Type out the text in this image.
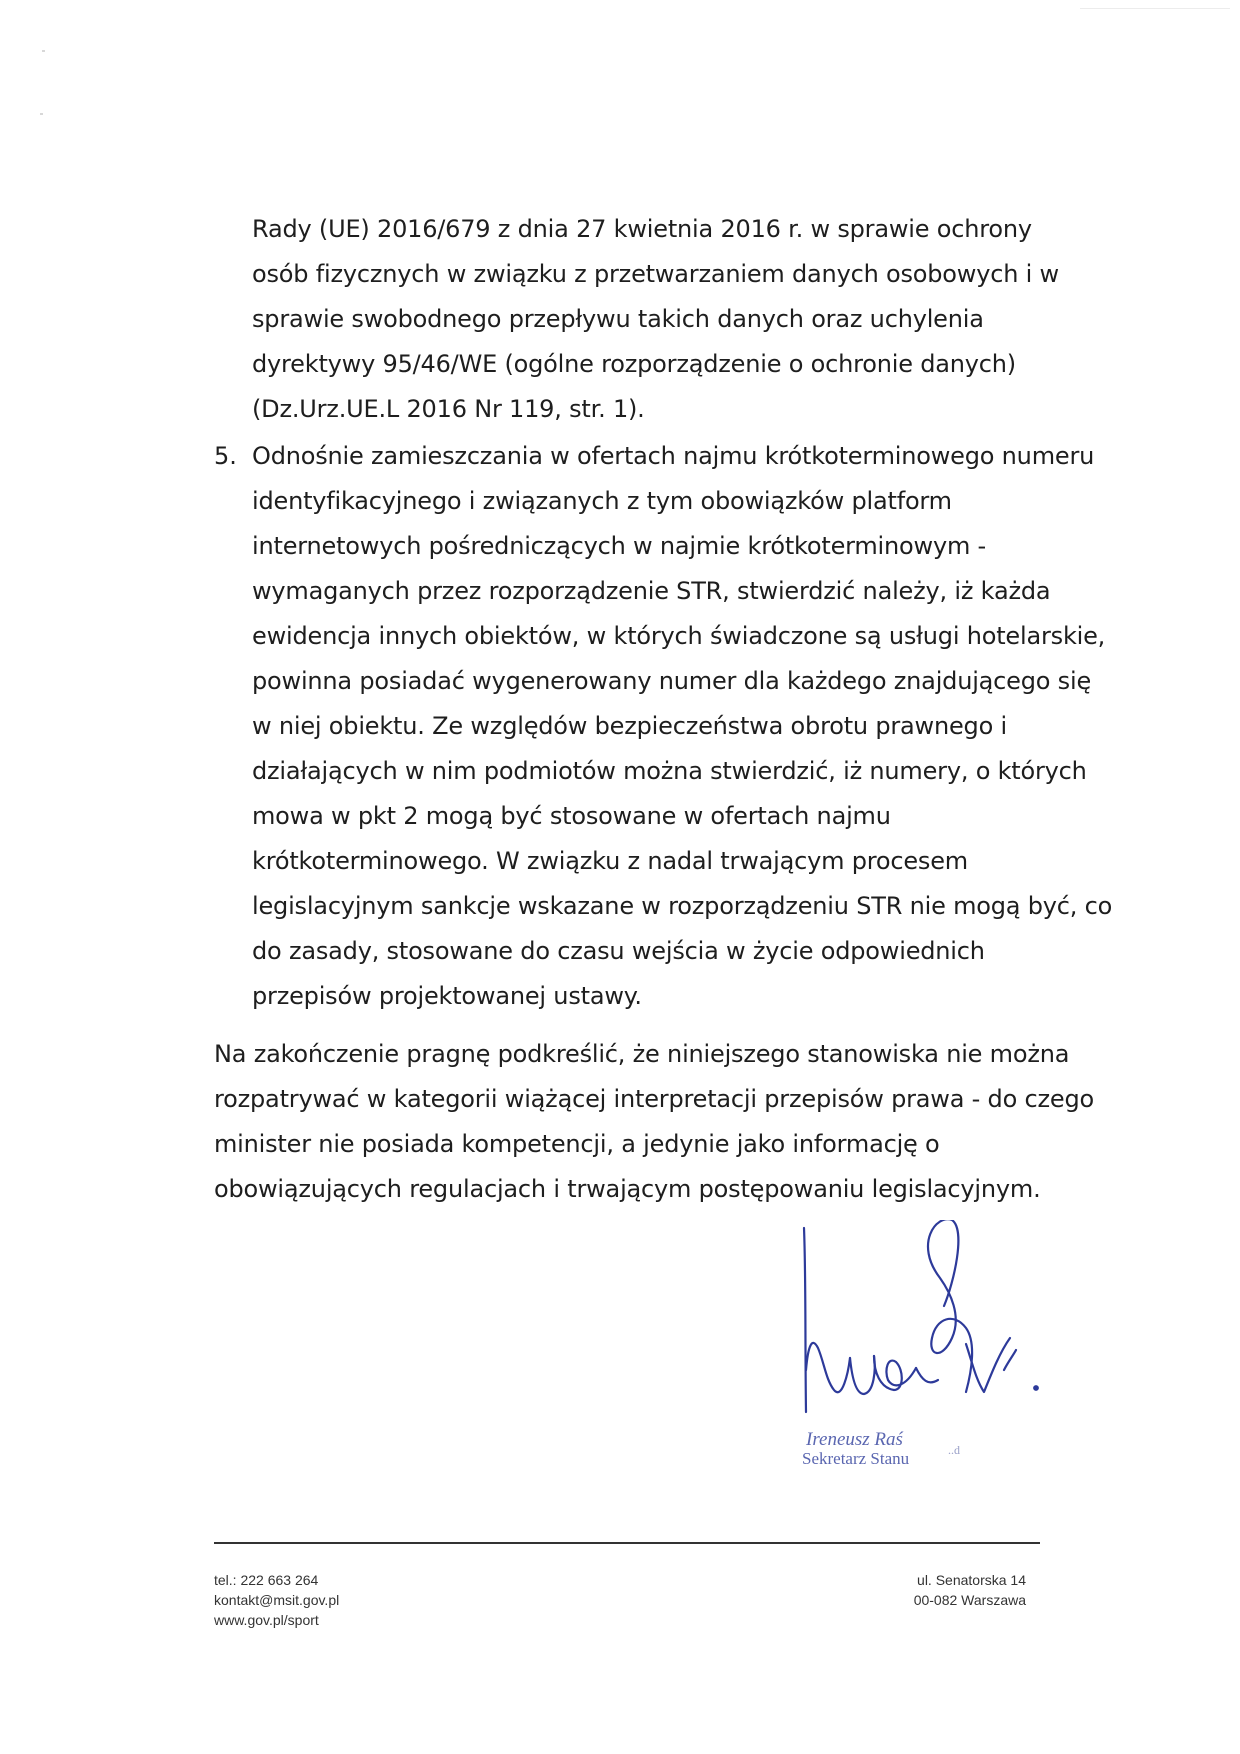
Rady (UE) 2016/679 z dnia 27 kwietnia 2016 r. w sprawie ochrony

osób fizycznych w związku z przetwarzaniem danych osobowych i w

sprawie swobodnego przepływu takich danych oraz uchylenia

dyrektywy 95/46/WE (ogólne rozporządzenie o ochronie danych)

(Dz.Urz.UE.L 2016 Nr 119, str. 1).

5. Odnośnie zamieszczania w ofertach najmu krótkoterminowego numeru

identyfikacyjnego i związanych z tym obowiązków platform

internetowych pośredniczących w najmie krótkoterminowym -

wymaganych przez rozporządzenie STR, stwierdzić należy, iż każda

ewidencja innych obiektów, w których świadczone są usługi hotelarskie,

powinna posiadać wygenerowany numer dla każdego znajdującego się

w niej obiektu. Ze względów bezpieczeństwa obrotu prawnego i

działających w nim podmiotów można stwierdzić, iż numery, o których

mowa w pkt 2 mogą być stosowane w ofertach najmu

krótkoterminowego. W związku z nadal trwającym procesem

legislacyjnym sankcje wskazane w rozporządzeniu STR nie mogą być, co

do zasady, stosowane do czasu wejścia w życie odpowiednich

przepisów projektowanej ustawy.

Na zakończenie pragnę podkreślić, że niniejszego stanowiska nie można

rozpatrywać w kategorii wiążącej interpretacji przepisów prawa - do czego

minister nie posiada kompetencji, a jedynie jako informację o

obowiązujących regulacjach i trwającym postępowaniu legislacyjnym.

Ireneusz Raś
Sekretarz Stanu	..d

tel.: 222 663 264

kontakt@msit.gov.pl

www.gov.pl/sport

ul. Senatorska 14

00-082 Warszawa
